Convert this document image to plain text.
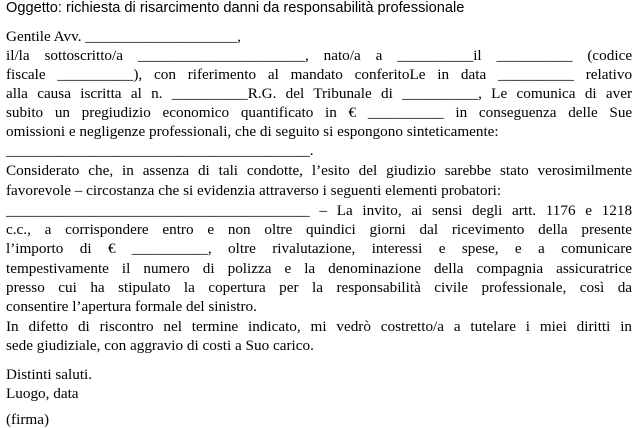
Oggetto: richiesta di risarcimento danni da responsabilità professionale
Gentile Avv. ____________________,
il/la sottoscritto/a ______________________, nato/a a __________il __________ (codice
fiscale __________), con riferimento al mandato conferitoLe in data __________ relativo
alla causa iscritta al n. __________R.G. del Tribunale di __________, Le comunica di aver
subito un pregiudizio economico quantificato in € __________ in conseguenza delle Sue
omissioni e negligenze professionali, che di seguito si espongono sinteticamente:
________________________________________.
Considerato che, in assenza di tali condotte, l’esito del giudizio sarebbe stato verosimilmente
favorevole – circostanza che si evidenzia attraverso i seguenti elementi probatori:
________________________________________ – La invito, ai sensi degli artt. 1176 e 1218
c.c., a corrispondere entro e non oltre quindici giorni dal ricevimento della presente
l’importo di € __________, oltre rivalutazione, interessi e spese, e a comunicare
tempestivamente il numero di polizza e la denominazione della compagnia assicuratrice
presso cui ha stipulato la copertura per la responsabilità civile professionale, così da
consentire l’apertura formale del sinistro.
In difetto di riscontro nel termine indicato, mi vedrò costretto/a a tutelare i miei diritti in
sede giudiziale, con aggravio di costi a Suo carico.
Distinti saluti.
Luogo, data
(firma)
